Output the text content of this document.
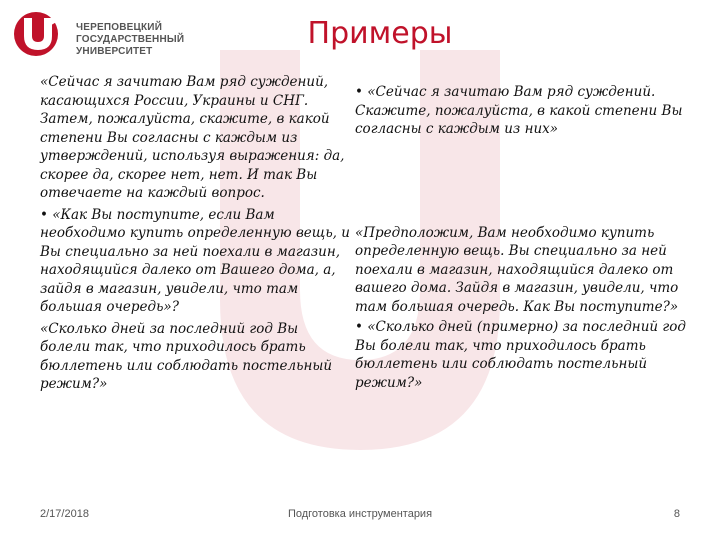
ЧЕРЕПОВЕЦКИЙ
ГОСУДАРСТВЕННЫЙ
УНИВЕРСИТЕТ
Примеры

«Сейчас я зачитаю Вам ряд суждений, касающихся России, Украины и СНГ. Затем, пожалуйста, скажите, в какой степени Вы согласны с каждым из утверждений, используя выражения: да, скорее да, скорее нет, нет. И так Вы отвечаете на каждый вопрос.

• «Как Вы поступите, если Вам необходимо купить определенную вещь, и Вы специально за ней поехали в магазин, находящийся далеко от Вашего дома, а, зайдя в магазин, увидели, что там большая очередь»?

«Сколько дней за последний год Вы болели так, что приходилось брать бюллетень или соблюдать постельный режим?»

• «Сейчас я зачитаю Вам ряд суждений. Скажите, пожалуйста, в какой степени Вы согласны с каждым из них»

«Предположим, Вам необходимо купить определенную вещь. Вы специально за ней поехали в магазин, находящийся далеко от вашего дома. Зайдя в магазин, увидели, что там большая очередь. Как Вы поступите?»

• «Сколько дней (примерно) за последний год Вы болели так, что приходилось брать бюллетень или соблюдать постельный режим?»

2/17/2018	Подготовка инструментария	8
